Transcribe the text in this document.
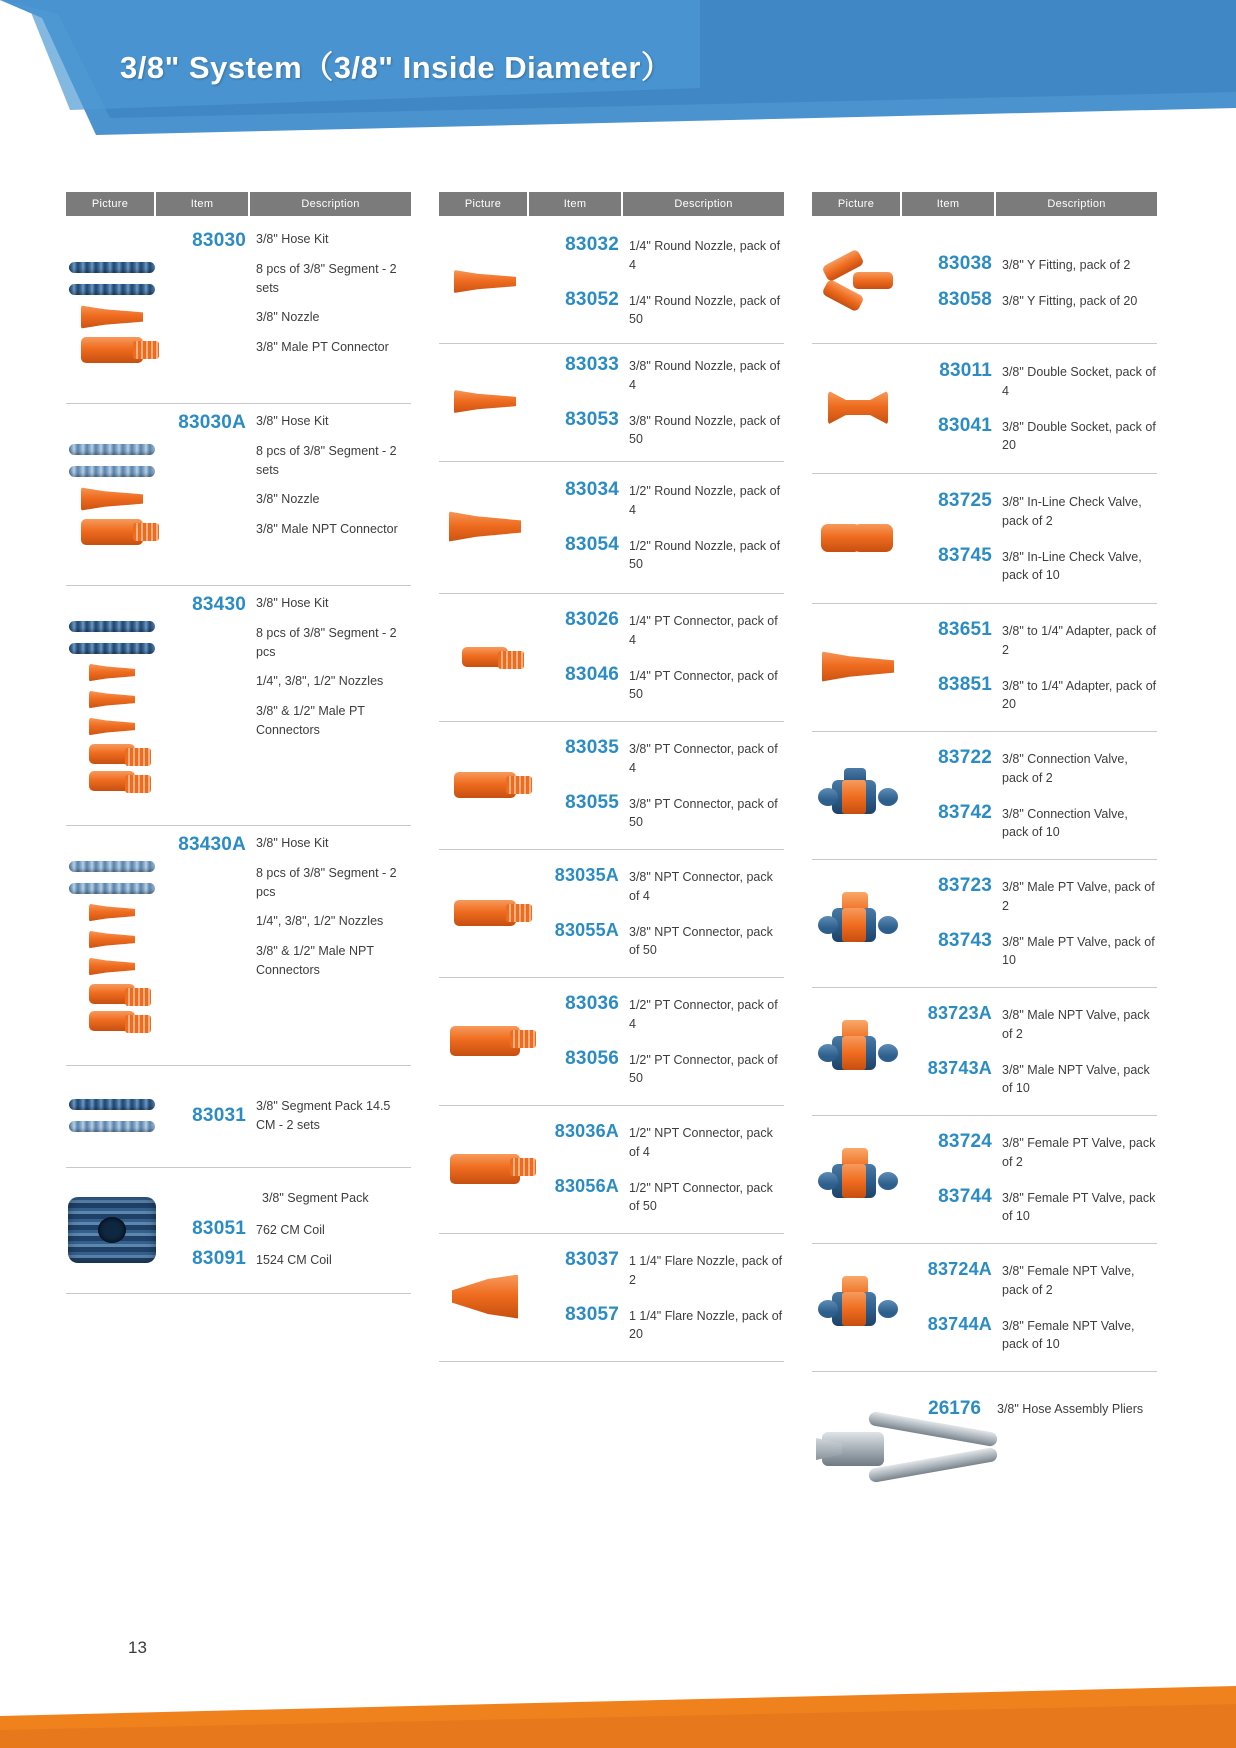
3/8" System（3/8" Inside Diameter）
Picture	Item	Description
83030 3/8" Hose Kit
8 pcs of 3/8" Segment - 2 sets
3/8" Nozzle
3/8" Male PT Connector
83030A 3/8" Hose Kit
8 pcs of 3/8" Segment - 2 sets
3/8" Nozzle
3/8" Male NPT Connector
83430 3/8" Hose Kit
8 pcs of 3/8" Segment - 2 pcs
1/4", 3/8", 1/2" Nozzles
3/8" & 1/2" Male PT Connectors
83430A 3/8" Hose Kit
8 pcs of 3/8" Segment - 2 pcs
1/4", 3/8", 1/2" Nozzles
3/8" & 1/2" Male NPT Connectors
83031 3/8" Segment Pack 14.5 CM - 2 sets
3/8" Segment Pack
83051 762 CM Coil
83091 1524 CM Coil
Picture	Item	Description
83032 1/4" Round Nozzle, pack of 4
83052 1/4" Round Nozzle, pack of 50
83033 3/8" Round Nozzle, pack of 4
83053 3/8" Round Nozzle, pack of 50
83034 1/2" Round Nozzle, pack of 4
83054 1/2" Round Nozzle, pack of 50
83026 1/4" PT Connector, pack of 4
83046 1/4" PT Connector, pack of 50
83035 3/8" PT Connector, pack of 4
83055 3/8" PT Connector, pack of 50
83035A 3/8" NPT Connector, pack of 4
83055A 3/8" NPT Connector, pack of 50
83036 1/2" PT Connector, pack of 4
83056 1/2" PT Connector, pack of 50
83036A 1/2" NPT Connector, pack of 4
83056A 1/2" NPT Connector, pack of 50
83037 1 1/4" Flare Nozzle, pack of 2
83057 1 1/4" Flare Nozzle, pack of 20
Picture	Item	Description
83038 3/8" Y Fitting, pack of 2
83058 3/8" Y Fitting, pack of 20
83011 3/8" Double Socket, pack of 4
83041 3/8" Double Socket, pack of 20
83725 3/8" In-Line Check Valve, pack of 2
83745 3/8" In-Line Check Valve, pack of 10
83651 3/8" to 1/4" Adapter, pack of 2
83851 3/8" to 1/4" Adapter, pack of 20
83722 3/8" Connection Valve, pack of 2
83742 3/8" Connection Valve, pack of 10
83723 3/8" Male PT Valve, pack of 2
83743 3/8" Male PT Valve, pack of 10
83723A 3/8" Male NPT Valve, pack of 2
83743A 3/8" Male NPT Valve, pack of 10
83724 3/8" Female PT Valve, pack of 2
83744 3/8" Female PT Valve, pack of 10
83724A 3/8" Female NPT Valve, pack of 2
83744A 3/8" Female NPT Valve, pack of 10
26176	3/8" Hose Assembly Pliers
13
